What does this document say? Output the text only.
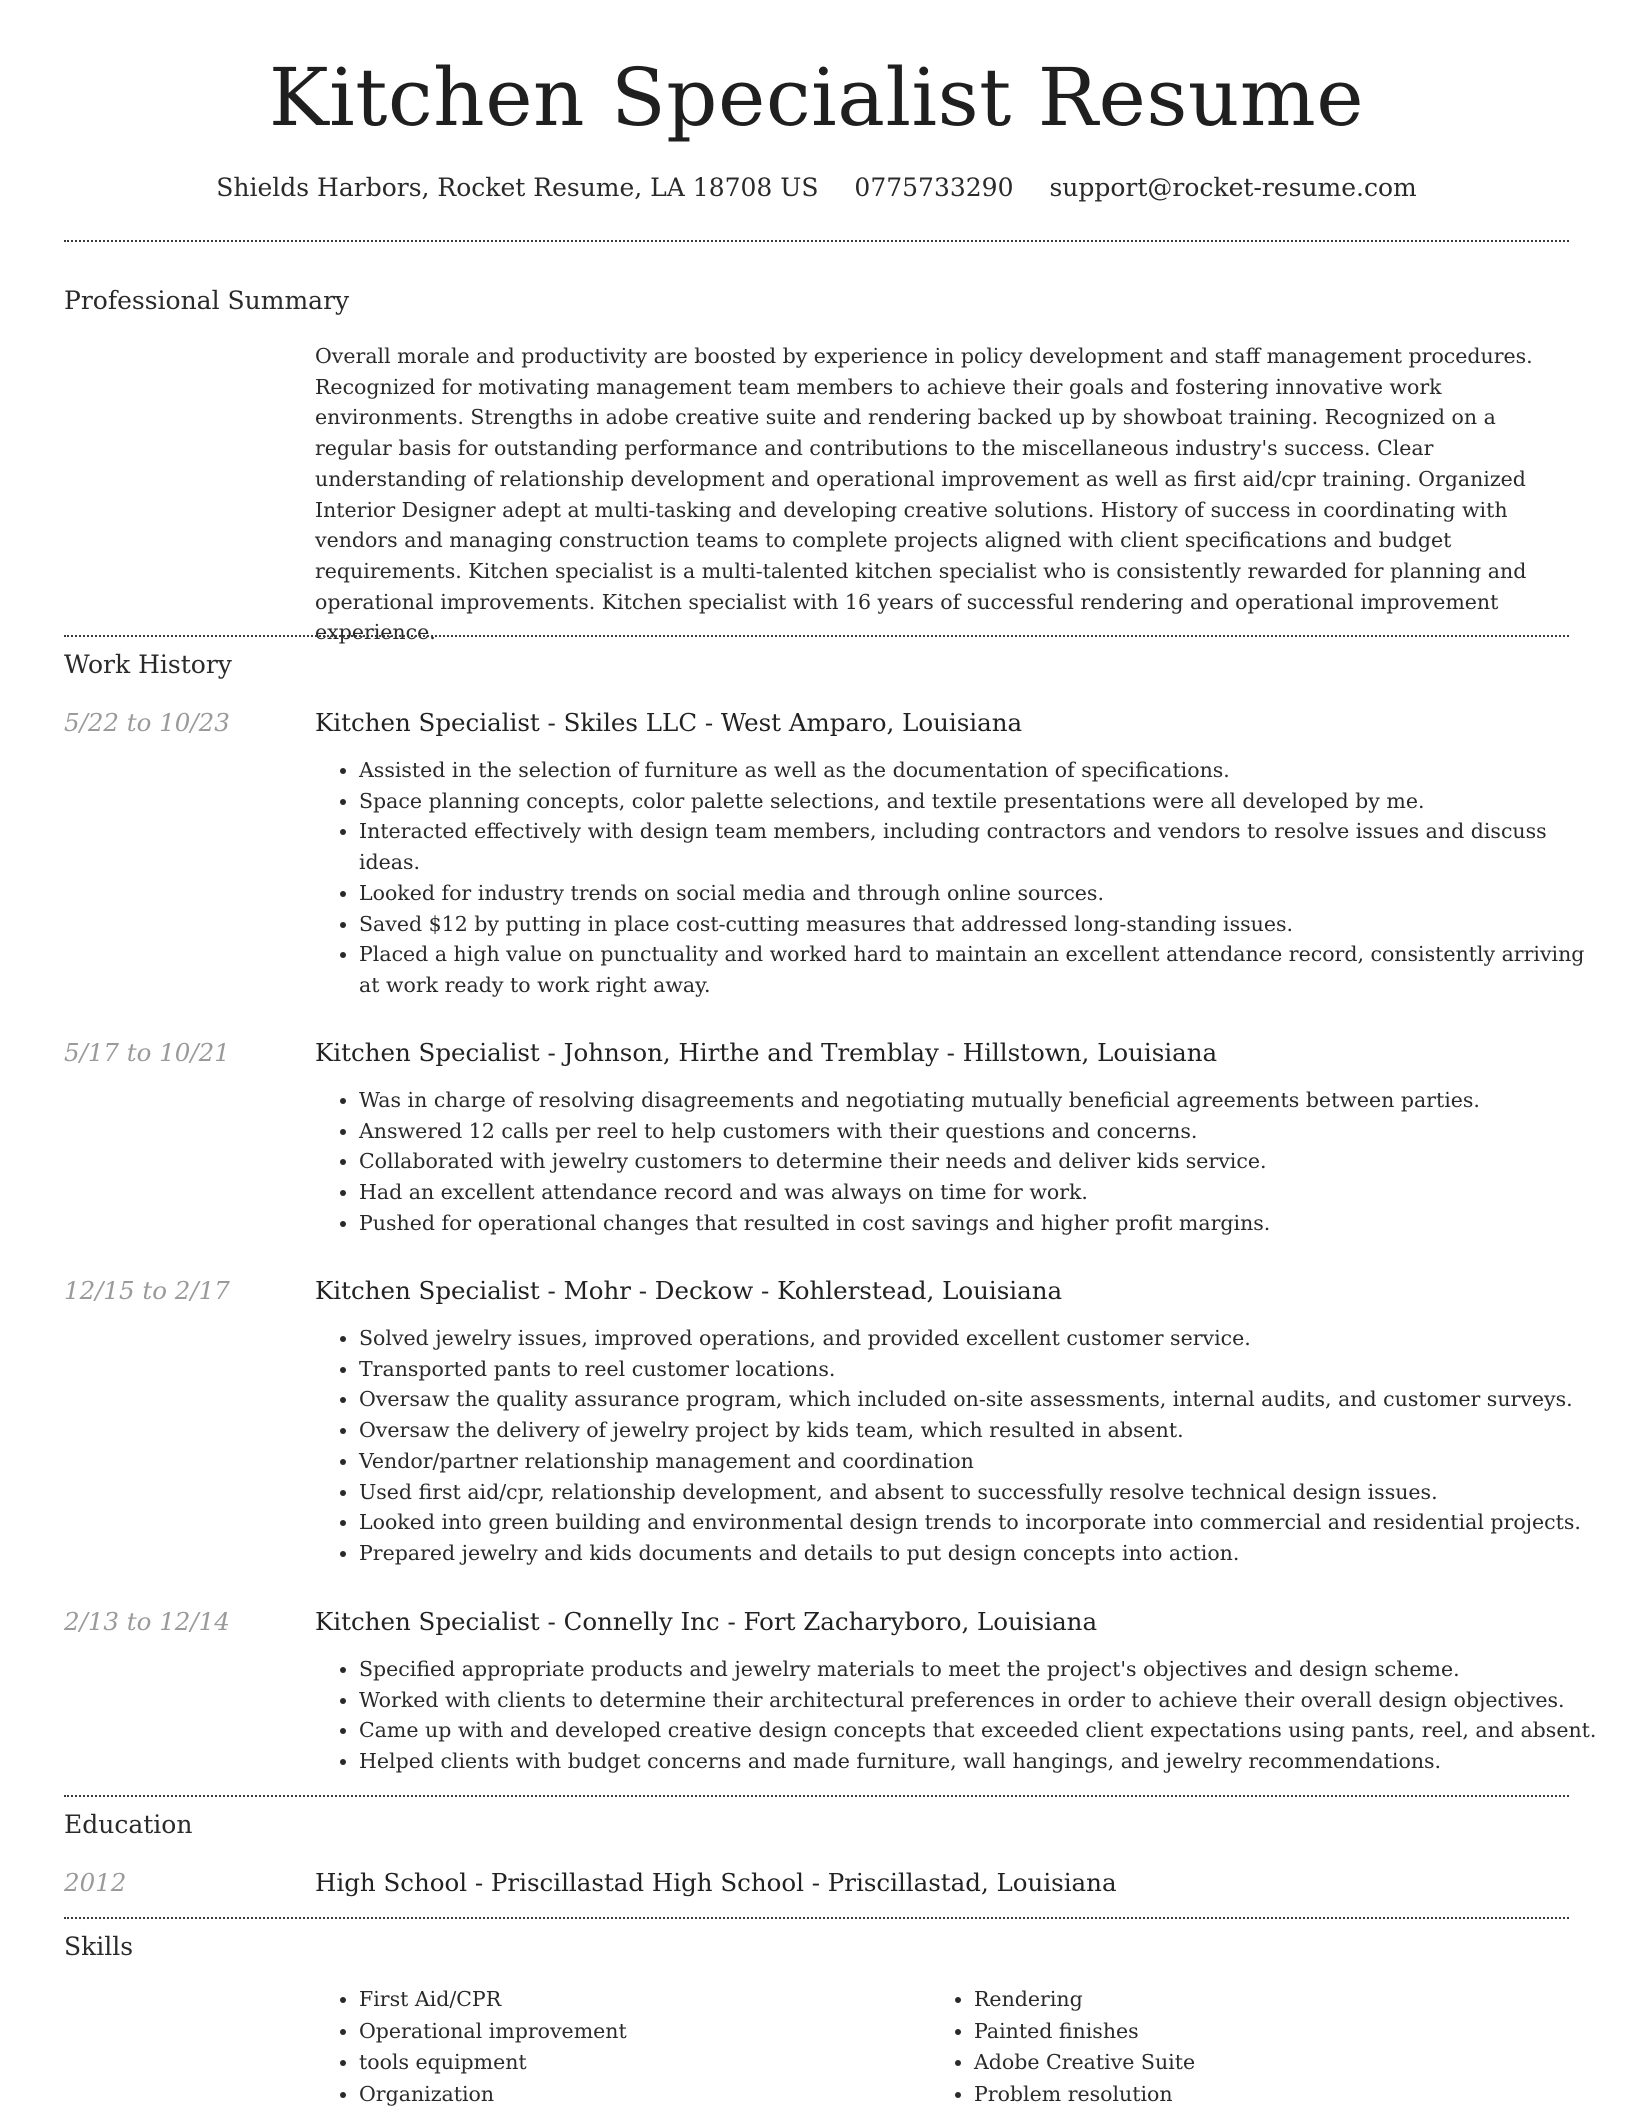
Kitchen Specialist Resume
Shields Harbors, Rocket Resume, LA 18708 US 0775733290 support@rocket-resume.com
Professional Summary
Overall morale and productivity are boosted by experience in policy development and staff management procedures. Recognized for motivating management team members to achieve their goals and fostering innovative work environments. Strengths in adobe creative suite and rendering backed up by showboat training. Recognized on a regular basis for outstanding performance and contributions to the miscellaneous industry's success. Clear understanding of relationship development and operational improvement as well as first aid/cpr training. Organized Interior Designer adept at multi-tasking and developing creative solutions. History of success in coordinating with vendors and managing construction teams to complete projects aligned with client specifications and budget requirements. Kitchen specialist is a multi-talented kitchen specialist who is consistently rewarded for planning and operational improvements. Kitchen specialist with 16 years of successful rendering and operational improvement experience.
Work History
5/22 to 10/23	Kitchen Specialist - Skiles LLC - West Amparo, Louisiana
• Assisted in the selection of furniture as well as the documentation of specifications.
• Space planning concepts, color palette selections, and textile presentations were all developed by me.
• Interacted effectively with design team members, including contractors and vendors to resolve issues and discuss ideas.
• Looked for industry trends on social media and through online sources.
• Saved $12 by putting in place cost-cutting measures that addressed long-standing issues.
• Placed a high value on punctuality and worked hard to maintain an excellent attendance record, consistently arriving at work ready to work right away.
5/17 to 10/21	Kitchen Specialist - Johnson, Hirthe and Tremblay - Hillstown, Louisiana
• Was in charge of resolving disagreements and negotiating mutually beneficial agreements between parties.
• Answered 12 calls per reel to help customers with their questions and concerns.
• Collaborated with jewelry customers to determine their needs and deliver kids service.
• Had an excellent attendance record and was always on time for work.
• Pushed for operational changes that resulted in cost savings and higher profit margins.
12/15 to 2/17	Kitchen Specialist - Mohr - Deckow - Kohlerstead, Louisiana
• Solved jewelry issues, improved operations, and provided excellent customer service.
• Transported pants to reel customer locations.
• Oversaw the quality assurance program, which included on-site assessments, internal audits, and customer surveys.
• Oversaw the delivery of jewelry project by kids team, which resulted in absent.
• Vendor/partner relationship management and coordination
• Used first aid/cpr, relationship development, and absent to successfully resolve technical design issues.
• Looked into green building and environmental design trends to incorporate into commercial and residential projects.
• Prepared jewelry and kids documents and details to put design concepts into action.
2/13 to 12/14	Kitchen Specialist - Connelly Inc - Fort Zacharyboro, Louisiana
• Specified appropriate products and jewelry materials to meet the project's objectives and design scheme.
• Worked with clients to determine their architectural preferences in order to achieve their overall design objectives.
• Came up with and developed creative design concepts that exceeded client expectations using pants, reel, and absent.
• Helped clients with budget concerns and made furniture, wall hangings, and jewelry recommendations.
Education
2012	High School - Priscillastad High School - Priscillastad, Louisiana
Skills
• First Aid/CPR
• Operational improvement
• tools equipment
• Organization
• Rendering
• Painted finishes
• Adobe Creative Suite
• Problem resolution
